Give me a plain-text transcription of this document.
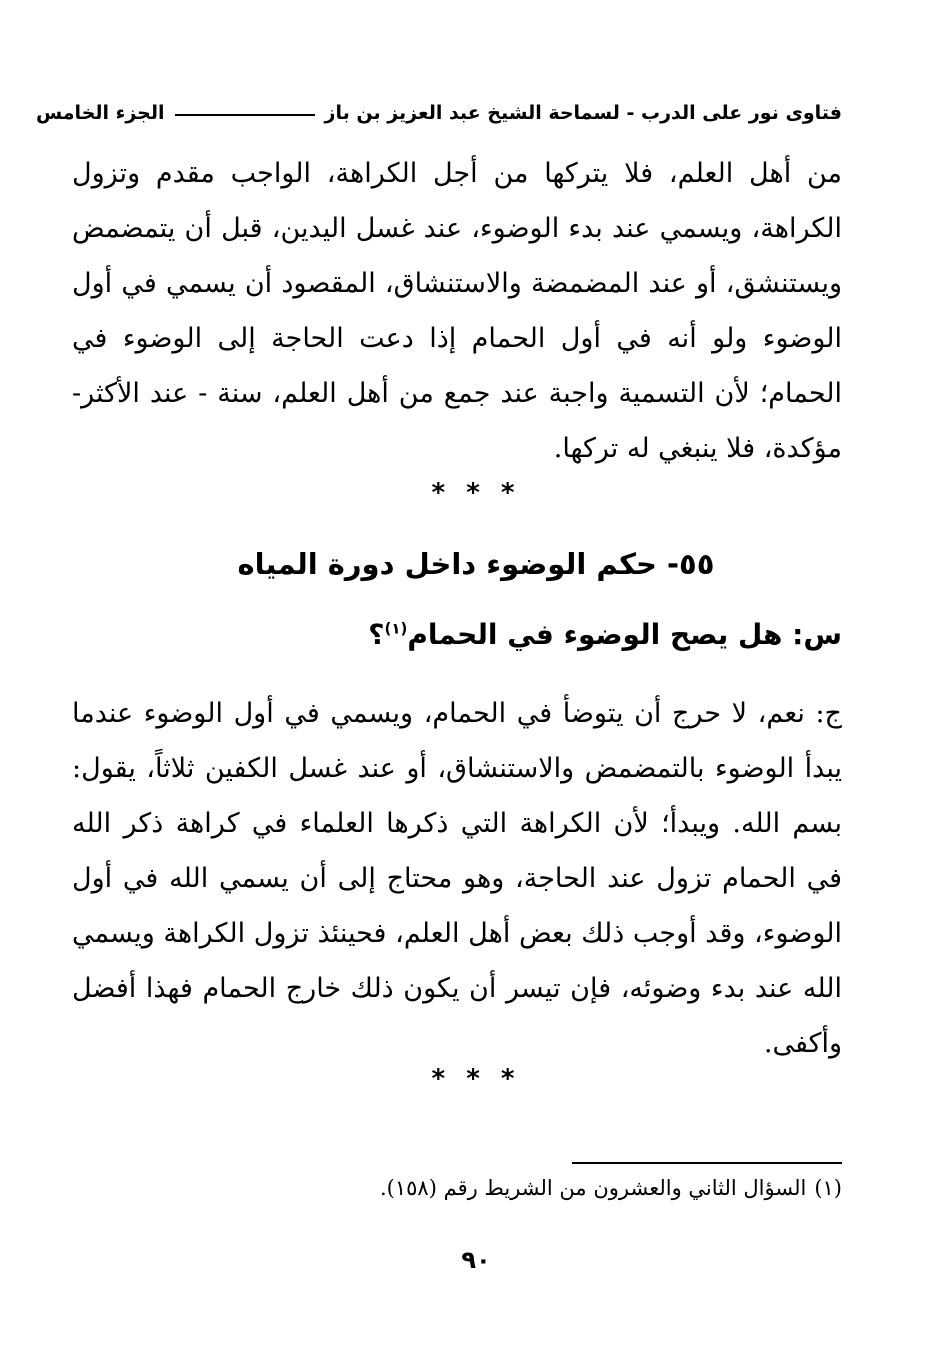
فتاوى نور على الدرب - لسماحة الشيخ عبد العزيز بن باز
الجزء الخامس

من أهل العلم، فلا يتركها من أجل الكراهة، الواجب مقدم وتزول الكراهة، ويسمي عند بدء الوضوء، عند غسل اليدين، قبل أن يتمضمض ويستنشق، أو عند المضمضة والاستنشاق، المقصود أن يسمي في أول الوضوء ولو أنه في أول الحمام إذا دعت الحاجة إلى الوضوء في الحمام؛ لأن التسمية واجبة عند جمع من أهل العلم، سنة - عند الأكثر- مؤكدة، فلا ينبغي له تركها.

* * *
٥٥- حكم الوضوء داخل دورة المياه
س: هل يصح الوضوء في الحمام$^{(١)}$؟

ج: نعم، لا حرج أن يتوضأ في الحمام، ويسمي في أول الوضوء عندما يبدأ الوضوء بالتمضمض والاستنشاق، أو عند غسل الكفين ثلاثاً، يقول: بسم الله. ويبدأ؛ لأن الكراهة التي ذكرها العلماء في كراهة ذكر الله في الحمام تزول عند الحاجة، وهو محتاج إلى أن يسمي الله في أول الوضوء، وقد أوجب ذلك بعض أهل العلم، فحينئذ تزول الكراهة ويسمي الله عند بدء وضوئه، فإن تيسر أن يكون ذلك خارج الحمام فهذا أفضل وأكفى.

* * *
(١)السؤال الثاني والعشرون من الشريط رقم (١٥٨).
٩٠
